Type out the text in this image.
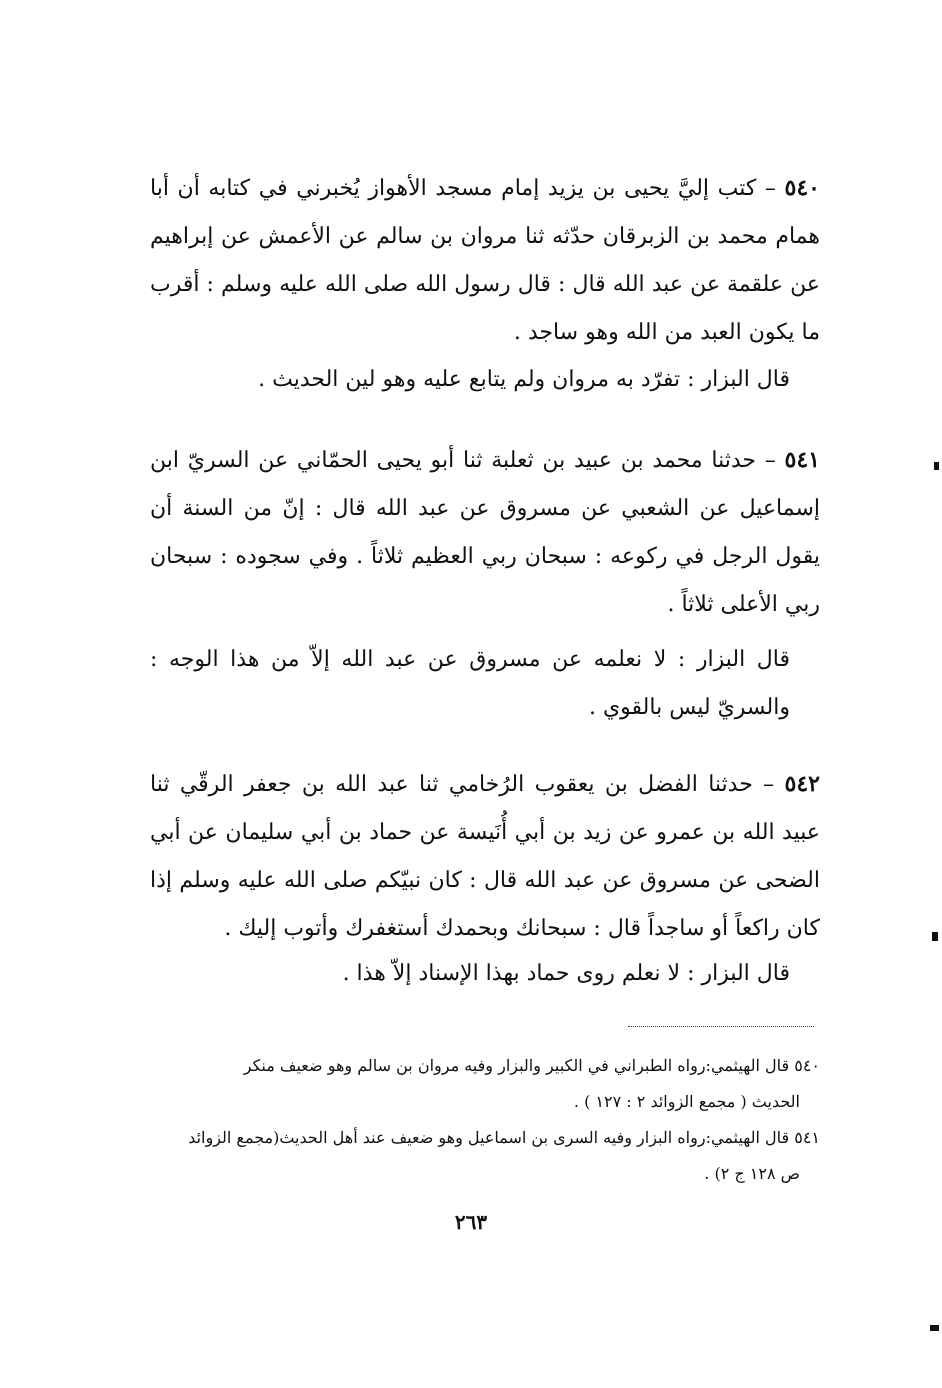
٥٤٠ – كتب إليَّ يحيى بن يزيد إمام مسجد الأهواز يُخبرني في كتابه أن أبا همام محمد بن الزبرقان حدّثه ثنا مروان بن سالم عن الأعمش عن إبراهيم عن علقمة عن عبد الله قال : قال رسول الله صلى الله عليه وسلم : أقرب ما يكون العبد من الله وهو ساجد .

قال البزار : تفرّد به مروان ولم يتابع عليه وهو لين الحديث .

٥٤١ – حدثنا محمد بن عبيد بن ثعلبة ثنا أبو يحيى الحمّاني عن السريّ ابن إسماعيل عن الشعبي عن مسروق عن عبد الله قال : إنّ من السنة أن يقول الرجل في ركوعه : سبحان ربي العظيم ثلاثاً . وفي سجوده : سبحان ربي الأعلى ثلاثاً .

قال البزار : لا نعلمه عن مسروق عن عبد الله إلاّ من هذا الوجه : والسريّ ليس بالقوي .

٥٤٢ – حدثنا الفضل بن يعقوب الرُخامي ثنا عبد الله بن جعفر الرقّي ثنا عبيد الله بن عمرو عن زيد بن أبي أُنَيسة عن حماد بن أبي سليمان عن أبي الضحى عن مسروق عن عبد الله قال : كان نبيّكم صلى الله عليه وسلم إذا كان راكعاً أو ساجداً قال : سبحانك وبحمدك أستغفرك وأتوب إليك .

قال البزار : لا نعلم روى حماد بهذا الإسناد إلاّ هذا .

٥٤٠ قال الهيثمي:رواه الطبراني في الكبير والبزار وفيه مروان بن سالم وهو ضعيف منكر
الحديث ( مجمع الزوائد ٢ : ١٢٧ ) .

٥٤١ قال الهيثمي:رواه البزار وفيه السرى بن اسماعيل وهو ضعيف عند أهل الحديث(مجمع الزوائد
ص ١٢٨ ج ٢) .

٢٦٣
